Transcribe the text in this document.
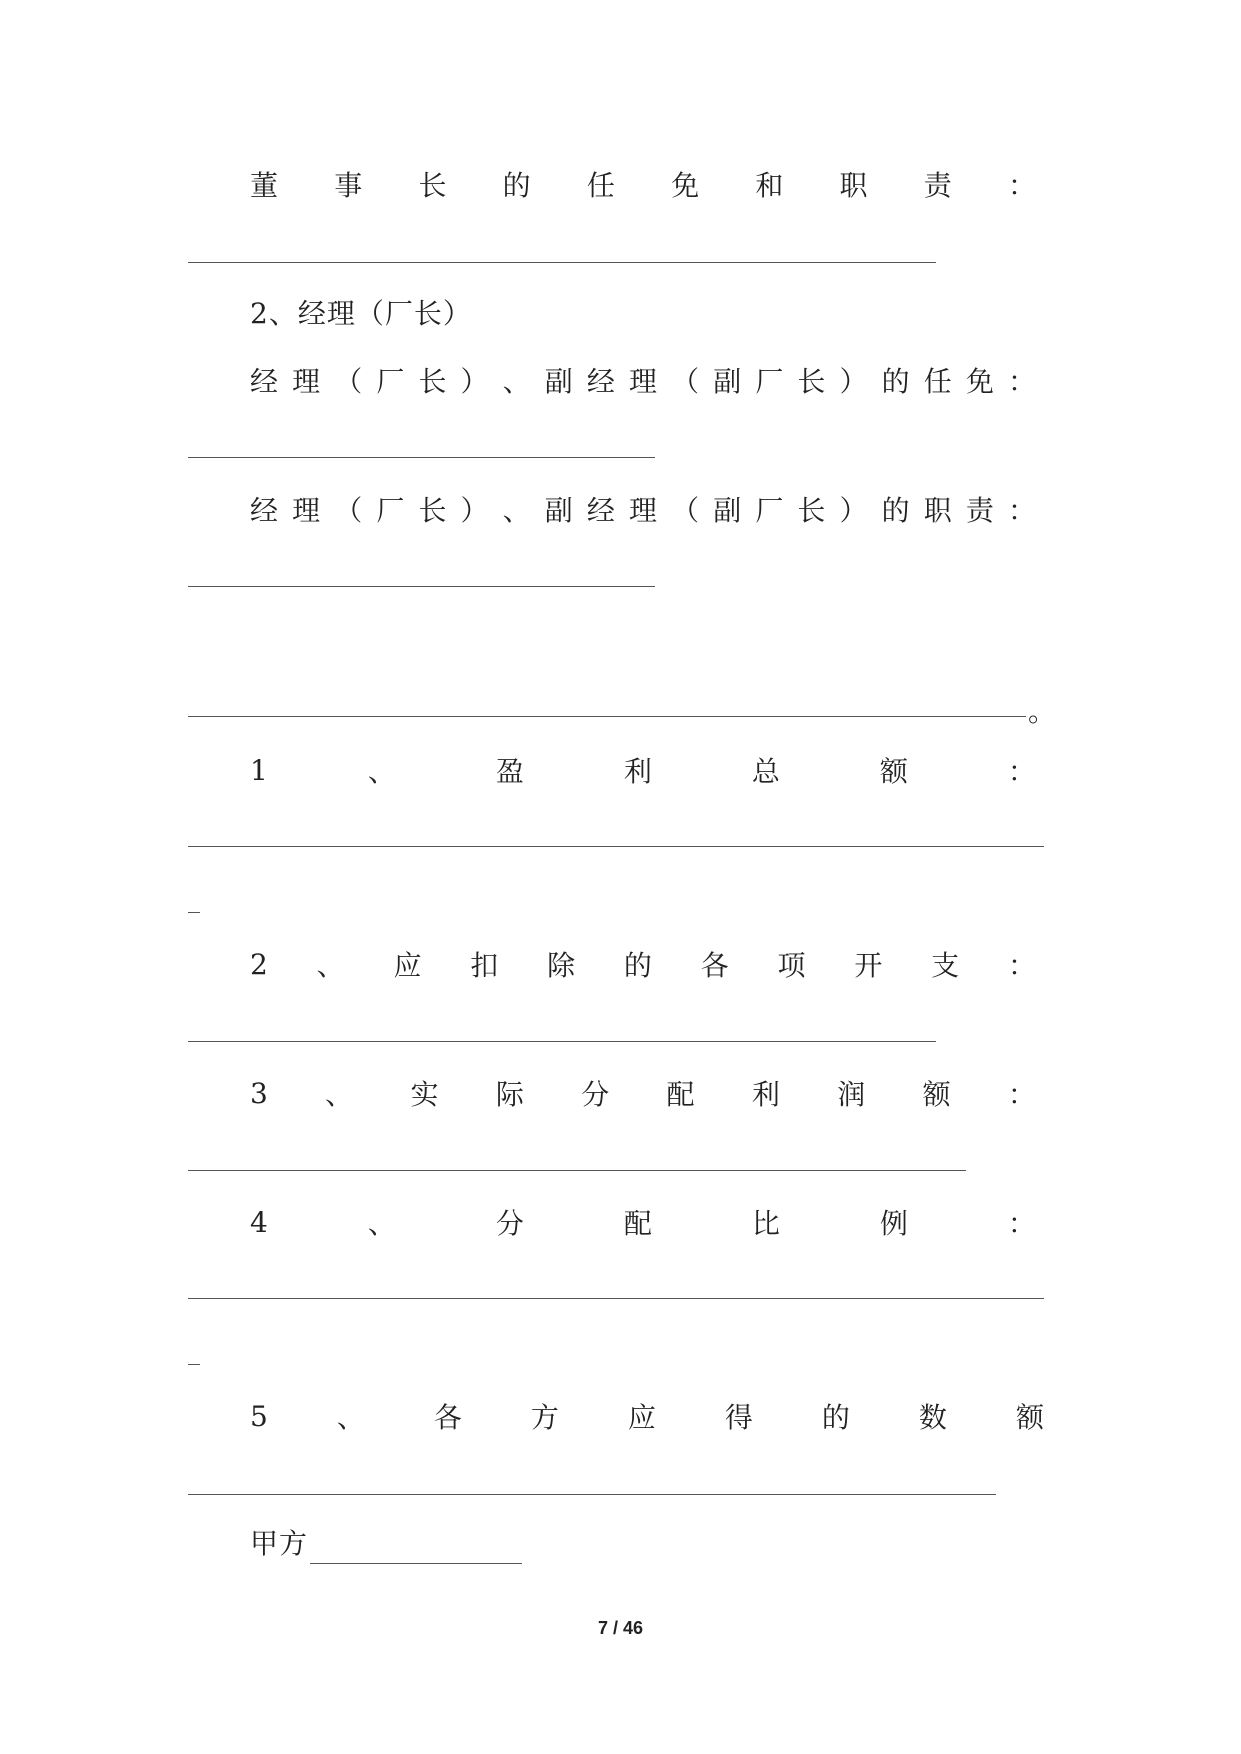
董 事 长 的 任 免 和 职 责 ：
2、经理（厂长）
经 理 （ 厂 长 ） 、 副 经 理 （ 副 厂 长 ） 的 任 免 ：
经 理 （ 厂 长 ） 、 副 经 理 （ 副 厂 长 ） 的 职 责 ：
。
1	、	盈	利	总	额	：
2 、 应 扣 除 的 各 项 开 支 ：
3 、 实 际 分 配 利 润 额 ：
4	、	分	配	比	例	：
5 、 各 方 应 得 的 数 额
甲方
7 / 46
